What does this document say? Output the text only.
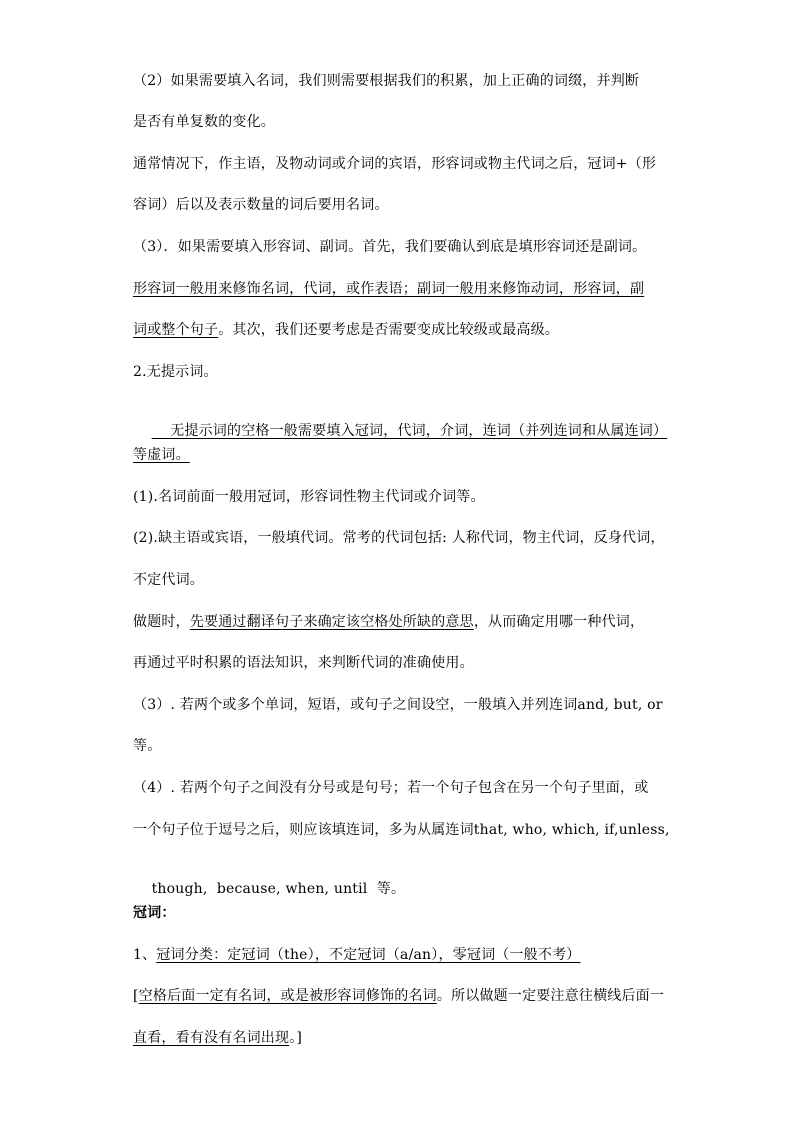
（2）如果需要填入名词，我们则需要根据我们的积累，加上正确的词缀，并判断
是否有单复数的变化。
通常情况下，作主语，及物动词或介词的宾语，形容词或物主代词之后，冠词+（形
容词）后以及表示数量的词后要用名词。
（3）．如果需要填入形容词、副词。首先，我们要确认到底是填形容词还是副词。
形容词一般用来修饰名词，代词，或作表语；副词一般用来修饰动词，形容词，副
词或整个句子。其次，我们还要考虑是否需要变成比较级或最高级。
2.无提示词。

无提示词的空格一般需要填入冠词，代词，介词，连词（并列连词和从属连词）

等虚词。
(1).名词前面一般用冠词，形容词性物主代词或介词等。
(2).缺主语或宾语，一般填代词。常考的代词包括: 人称代词，物主代词，反身代词，
不定代词。
做题时，先要通过翻译句子来确定该空格处所缺的意思，从而确定用哪一种代词，
再通过平时积累的语法知识，来判断代词的准确使用。
（3）. 若两个或多个单词，短语，或句子之间设空，一般填入并列连词and, but, or
等。
（4）. 若两个句子之间没有分号或是句号；若一个句子包含在另一个句子里面，或
一个句子位于逗号之后，则应该填连词，多为从属连词that, who, which, if,unless,

though,  because, when, until  等。

冠词：
1、冠词分类：定冠词（the），不定冠词（a/an），零冠词（一般不考）
[空格后面一定有名词，或是被形容词修饰的名词。所以做题一定要注意往横线后面一
直看，看有没有名词出现。]
